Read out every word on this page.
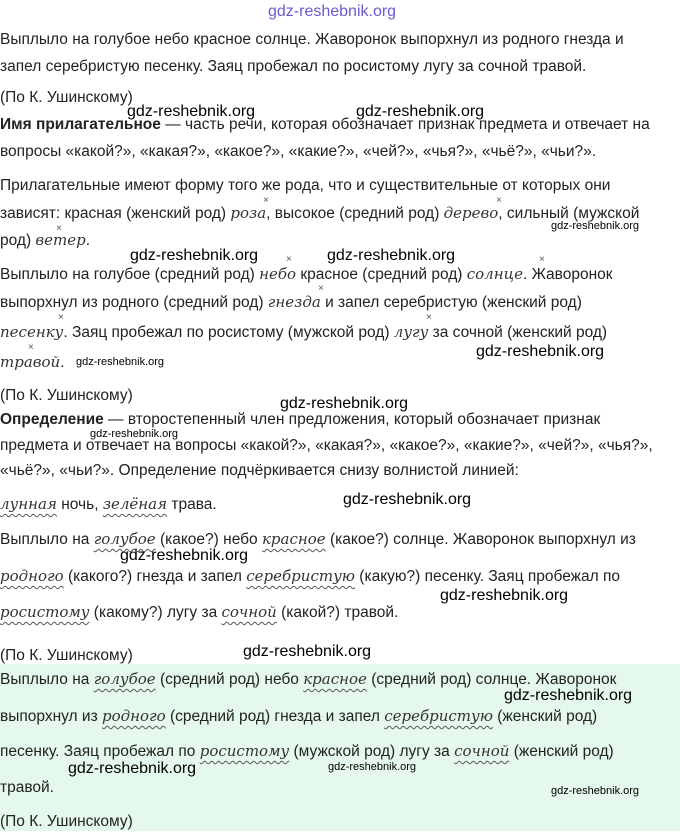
gdz-reshebnik.org
gdz-reshebnik.org	gdz-reshebnik.org
gdz-reshebnik.org
gdz-reshebnik.org	gdz-reshebnik.org
gdz-reshebnik.org
gdz-reshebnik.org
gdz-reshebnik.org
gdz-reshebnik.org
gdz-reshebnik.org
gdz-reshebnik.org
gdz-reshebnik.org
gdz-reshebnik.org
gdz-reshebnik.org
gdz-reshebnik.org	gdz-reshebnik.org
gdz-reshebnik.org
Выплыло на голубое небо красное солнце. Жаворонок выпорхнул из родного гнезда и
запел серебристую песенку. Заяц пробежал по росистому лугу за сочной травой.
(По К. Ушинскому)
Имя прилагательное — часть речи, которая обозначает признак предмета и отвечает на
вопросы «какой?», «какая?», «какое?», «какие?», «чей?», «чья?», «чьё?», «чьи?».
Прилагательные имеют форму того же рода, что и существительные от которых они
зависят: красная (женский род) роза, высокое (средний род) дерево, сильный (мужской
род) ветер.
Выплыло на голубое (средний род) небо красное (средний род) солнце. Жаворонок
выпорхнул из родного (средний род) гнезда и запел серебристую (женский род)
песенку. Заяц пробежал по росистому (мужской род) лугу за сочной (женский род)
травой.
×	×
×
×	×
×
×	×
×
(По К. Ушинскому)
Определение — второстепенный член предложения, который обозначает признак
предмета и отвечает на вопросы «какой?», «какая?», «какое?», «какие?», «чей?», «чья?»,
«чьё?», «чьи?». Определение подчёркивается снизу волнистой линией:
лунная ночь, зелёная трава.
Выплыло на голубое (какое?) небо красное (какое?) солнце. Жаворонок выпорхнул из
родного (какого?) гнезда и запел серебристую (какую?) песенку. Заяц пробежал по
росистому (какому?) лугу за сочной (какой?) травой.
(По К. Ушинскому)
Выплыло на голубое (средний род) небо красное (средний род) солнце. Жаворонок
выпорхнул из родного (средний род) гнезда и запел серебристую (женский род)
песенку. Заяц пробежал по росистому (мужской род) лугу за сочной (женский род)
травой.
(По К. Ушинскому)
